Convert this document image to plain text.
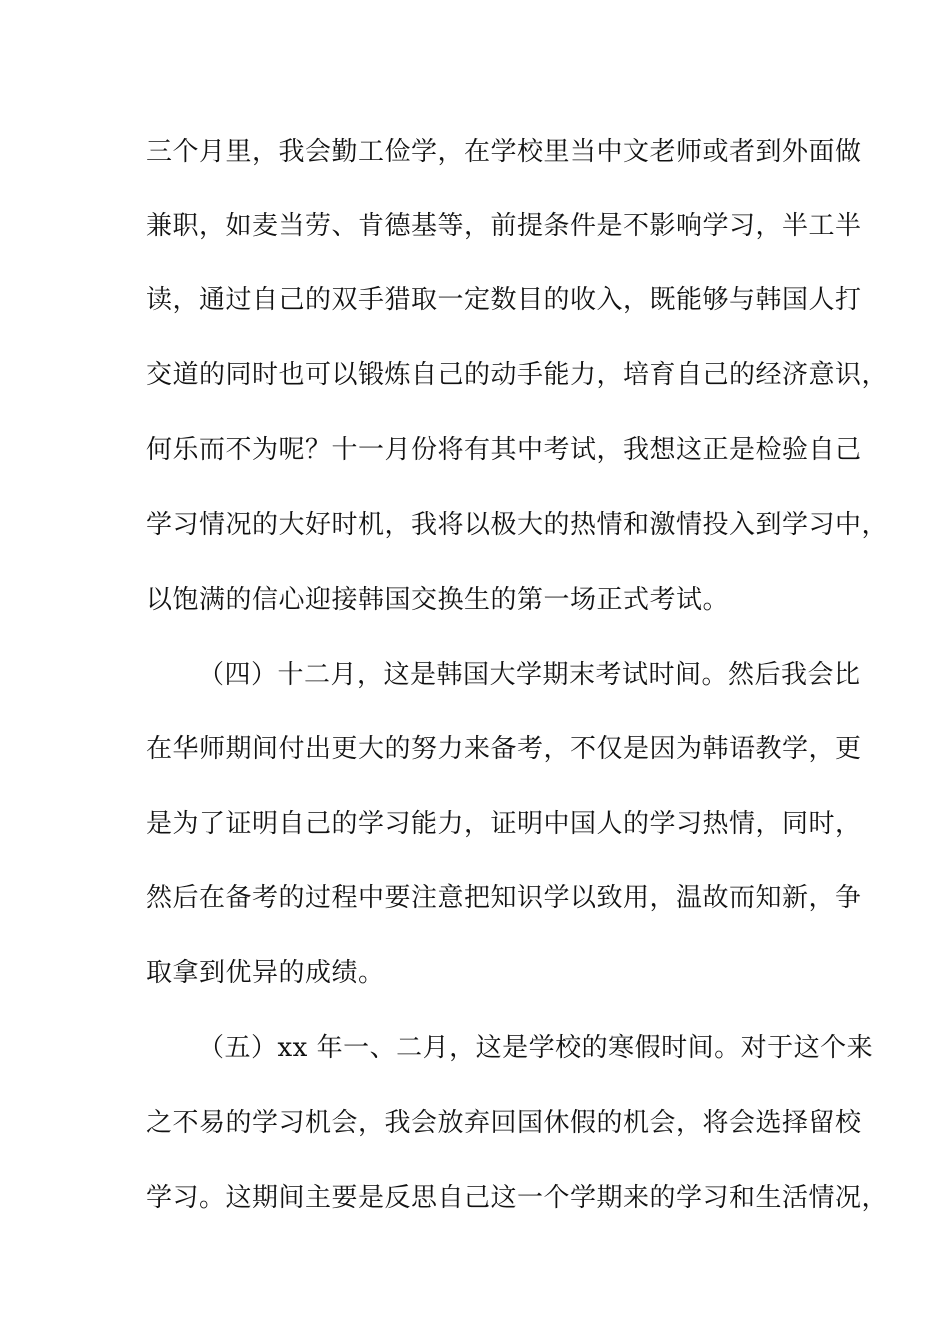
三个月里，我会勤工俭学，在学校里当中文老师或者到外面做
兼职，如麦当劳、肯德基等，前提条件是不影响学习，半工半
读，通过自己的双手猎取一定数目的收入，既能够与韩国人打
交道的同时也可以锻炼自己的动手能力，培育自己的经济意识，
何乐而不为呢？十一月份将有其中考试，我想这正是检验自己
学习情况的大好时机，我将以极大的热情和激情投入到学习中，
以饱满的信心迎接韩国交换生的第一场正式考试。
（四）十二月，这是韩国大学期末考试时间。然后我会比
在华师期间付出更大的努力来备考，不仅是因为韩语教学，更
是为了证明自己的学习能力，证明中国人的学习热情，同时，
然后在备考的过程中要注意把知识学以致用，温故而知新，争
取拿到优异的成绩。
（五）xx 年一、二月，这是学校的寒假时间。对于这个来
之不易的学习机会，我会放弃回国休假的机会，将会选择留校
学习。这期间主要是反思自己这一个学期来的学习和生活情况，
